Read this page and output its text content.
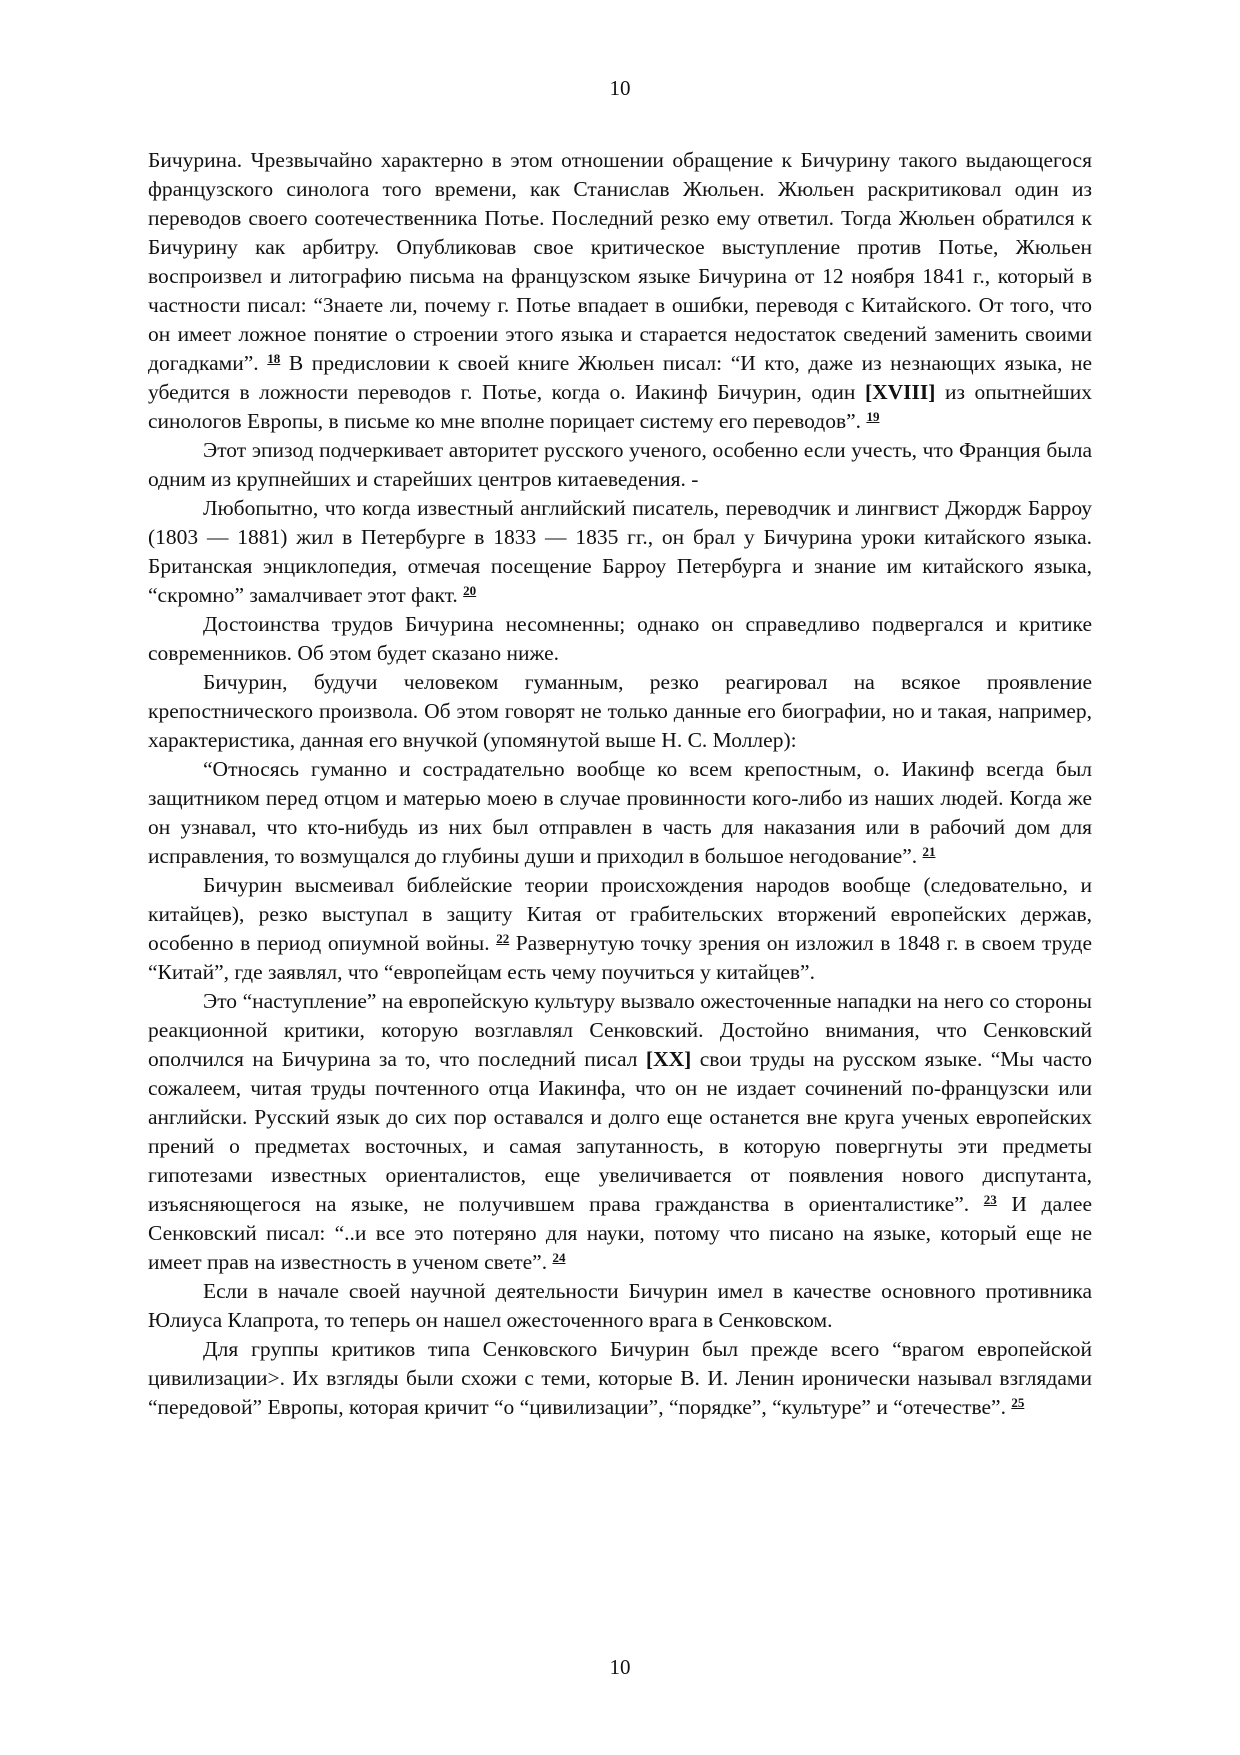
10

Бичурина. Чрезвычайно характерно в этом отношении обращение к Бичурину такого выдающегося французского синолога того времени, как Станислав Жюльен. Жюльен раскритиковал один из переводов своего соотечественника Потье. Последний резко ему ответил. Тогда Жюльен обратился к Бичурину как арбитру. Опубликовав свое критическое выступление против Потье, Жюльен воспроизвел и литографию письма на французском языке Бичурина от 12 ноября 1841 г., который в частности писал: “Знаете ли, почему г. Потье впадает в ошибки, переводя с Китайского. От того, что он имеет ложное понятие о строении этого языка и старается недостаток сведений заменить своими догадками”. $^{18}$ В предисловии к своей книге Жюльен писал: “И кто, даже из незнающих языка, не убедится в ложности переводов г. Потье, когда о. Иакинф Бичурин, один [XVIII] из опытнейших синологов Европы, в письме ко мне вполне порицает систему его переводов”. $^{19}$

Этот эпизод подчеркивает авторитет русского ученого, особенно если учесть, что Франция была одним из крупнейших и старейших центров китаеведения. -

Любопытно, что когда известный английский писатель, переводчик и лингвист Джордж Барроу (1803 — 1881) жил в Петербурге в 1833 — 1835 гг., он брал у Бичурина уроки китайского языка. Британская энциклопедия, отмечая посещение Барроу Петербурга и знание им китайского языка, “скромно” замалчивает этот факт. $^{20}$

Достоинства трудов Бичурина несомненны; однако он справедливо подвергался и критике современников. Об этом будет сказано ниже.

Бичурин, будучи человеком гуманным, резко реагировал на всякое проявление крепостнического произвола. Об этом говорят не только данные его биографии, но и такая, например, характеристика, данная его внучкой (упомянутой выше Н. С. Моллер):

“Относясь гуманно и сострадательно вообще ко всем крепостным, о. Иакинф всегда был защитником перед отцом и матерью моею в случае провинности кого-либо из наших людей. Когда же он узнавал, что кто-нибудь из них был отправлен в часть для наказания или в рабочий дом для исправления, то возмущался до глубины души и приходил в большое негодование”. $^{21}$

Бичурин высмеивал библейские теории происхождения народов вообще (следовательно, и китайцев), резко выступал в защиту Китая от грабительских вторжений европейских держав, особенно в период опиумной войны. $^{22}$ Развернутую точку зрения он изложил в 1848 г. в своем труде “Китай”, где заявлял, что “европейцам есть чему поучиться у китайцев”.

Это “наступление” на европейскую культуру вызвало ожесточенные нападки на него со стороны реакционной критики, которую возглавлял Сенковский. Достойно внимания, что Сенковский ополчился на Бичурина за то, что последний писал [XX] свои труды на русском языке. “Мы часто сожалеем, читая труды почтенного отца Иакинфа, что он не издает сочинений по-французски или английски. Русский язык до сих пор оставался и долго еще останется вне круга ученых европейских прений о предметах восточных, и самая запутанность, в которую повергнуты эти предметы гипотезами известных ориенталистов, еще увеличивается от появления нового диспутанта, изъясняющегося на языке, не получившем права гражданства в ориенталистике”. $^{23}$ И далее Сенковский писал: “..и все это потеряно для науки, потому что писано на языке, который еще не имеет прав на известность в ученом свете”. $^{24}$

Если в начале своей научной деятельности Бичурин имел в качестве основного противника Юлиуса Клапрота, то теперь он нашел ожесточенного врага в Сенковском.

Для группы критиков типа Сенковского Бичурин был прежде всего “врагом европейской цивилизации>. Их взгляды были схожи с теми, которые В. И. Ленин иронически называл взглядами “передовой” Европы, которая кричит “о “цивилизации”, “порядке”, “культуре” и “отечестве”. $^{25}$

10
